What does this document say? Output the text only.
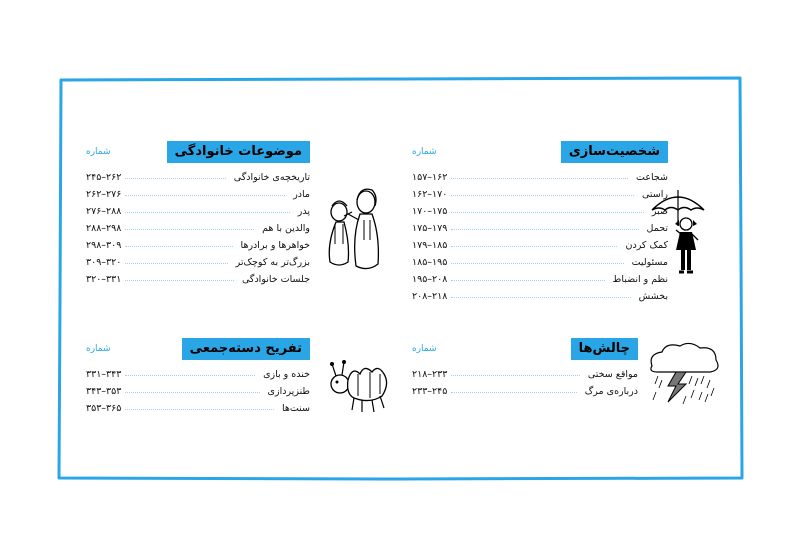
شخصیت‌سازی
شماره
شجاعت
۱۵۷–۱۶۲
راستی
۱۶۲–۱۷۰
صبر
۱۷۰–۱۷۵
تحمل
۱۷۵–۱۷۹
کمک کردن
۱۷۹–۱۸۵
مسئولیت
۱۸۵–۱۹۵
نظم و انضباط
۱۹۵–۲۰۸
بخشش
۲۰۸–۲۱۸
موضوعات خانوادگی
شماره
تاریخچه‌ی خانوادگی
۲۴۵–۲۶۲
مادر
۲۶۲–۲۷۶
پدر
۲۷۶–۲۸۸
والدین با هم
۲۸۸–۲۹۸
خواهرها و برادرها
۲۹۸–۳۰۹
بزرگ‌تر به کوچک‌تر
۳۰۹–۳۲۰
جلسات خانوادگی
۳۲۰–۳۳۱
چالش‌ها
شماره
مواقع سختی
۲۱۸–۲۳۳
درباره‌ی مرگ
۲۳۳–۲۴۵
تفریح دسته‌جمعی
شماره
خنده و بازی
۳۳۱–۳۴۳
طنزپردازی
۳۴۳–۳۵۳
سنت‌ها
۳۵۳–۳۶۵
